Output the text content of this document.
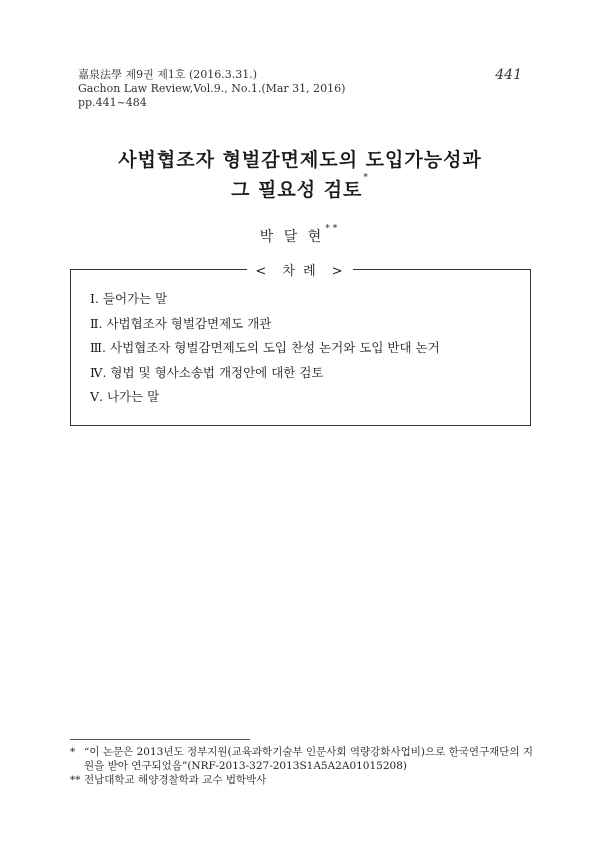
嘉泉法學 제9권 제1호 (2016.3.31.)
Gachon Law Review,Vol.9., No.1.(Mar 31, 2016)
pp.441~484
441
사법협조자 형벌감면제도의 도입가능성과
그 필요성 검토*
박 달 현**
< 차 례 >
Ⅰ. 들어가는 말
Ⅱ. 사법협조자 형벌감면제도 개관
Ⅲ. 사법협조자 형벌감면제도의 도입 찬성 논거와 도입 반대 논거
Ⅳ. 형법 및 형사소송법 개정안에 대한 검토
Ⅴ. 나가는 말
* “이 논문은 2013년도 정부지원(교육과학기술부 인문사회 역량강화사업비)으로 한국연구재단의 지원을 받아 연구되었음”(NRF-2013-327-2013S1A5A2A01015208)
** 전남대학교 해양경찰학과 교수 법학박사
